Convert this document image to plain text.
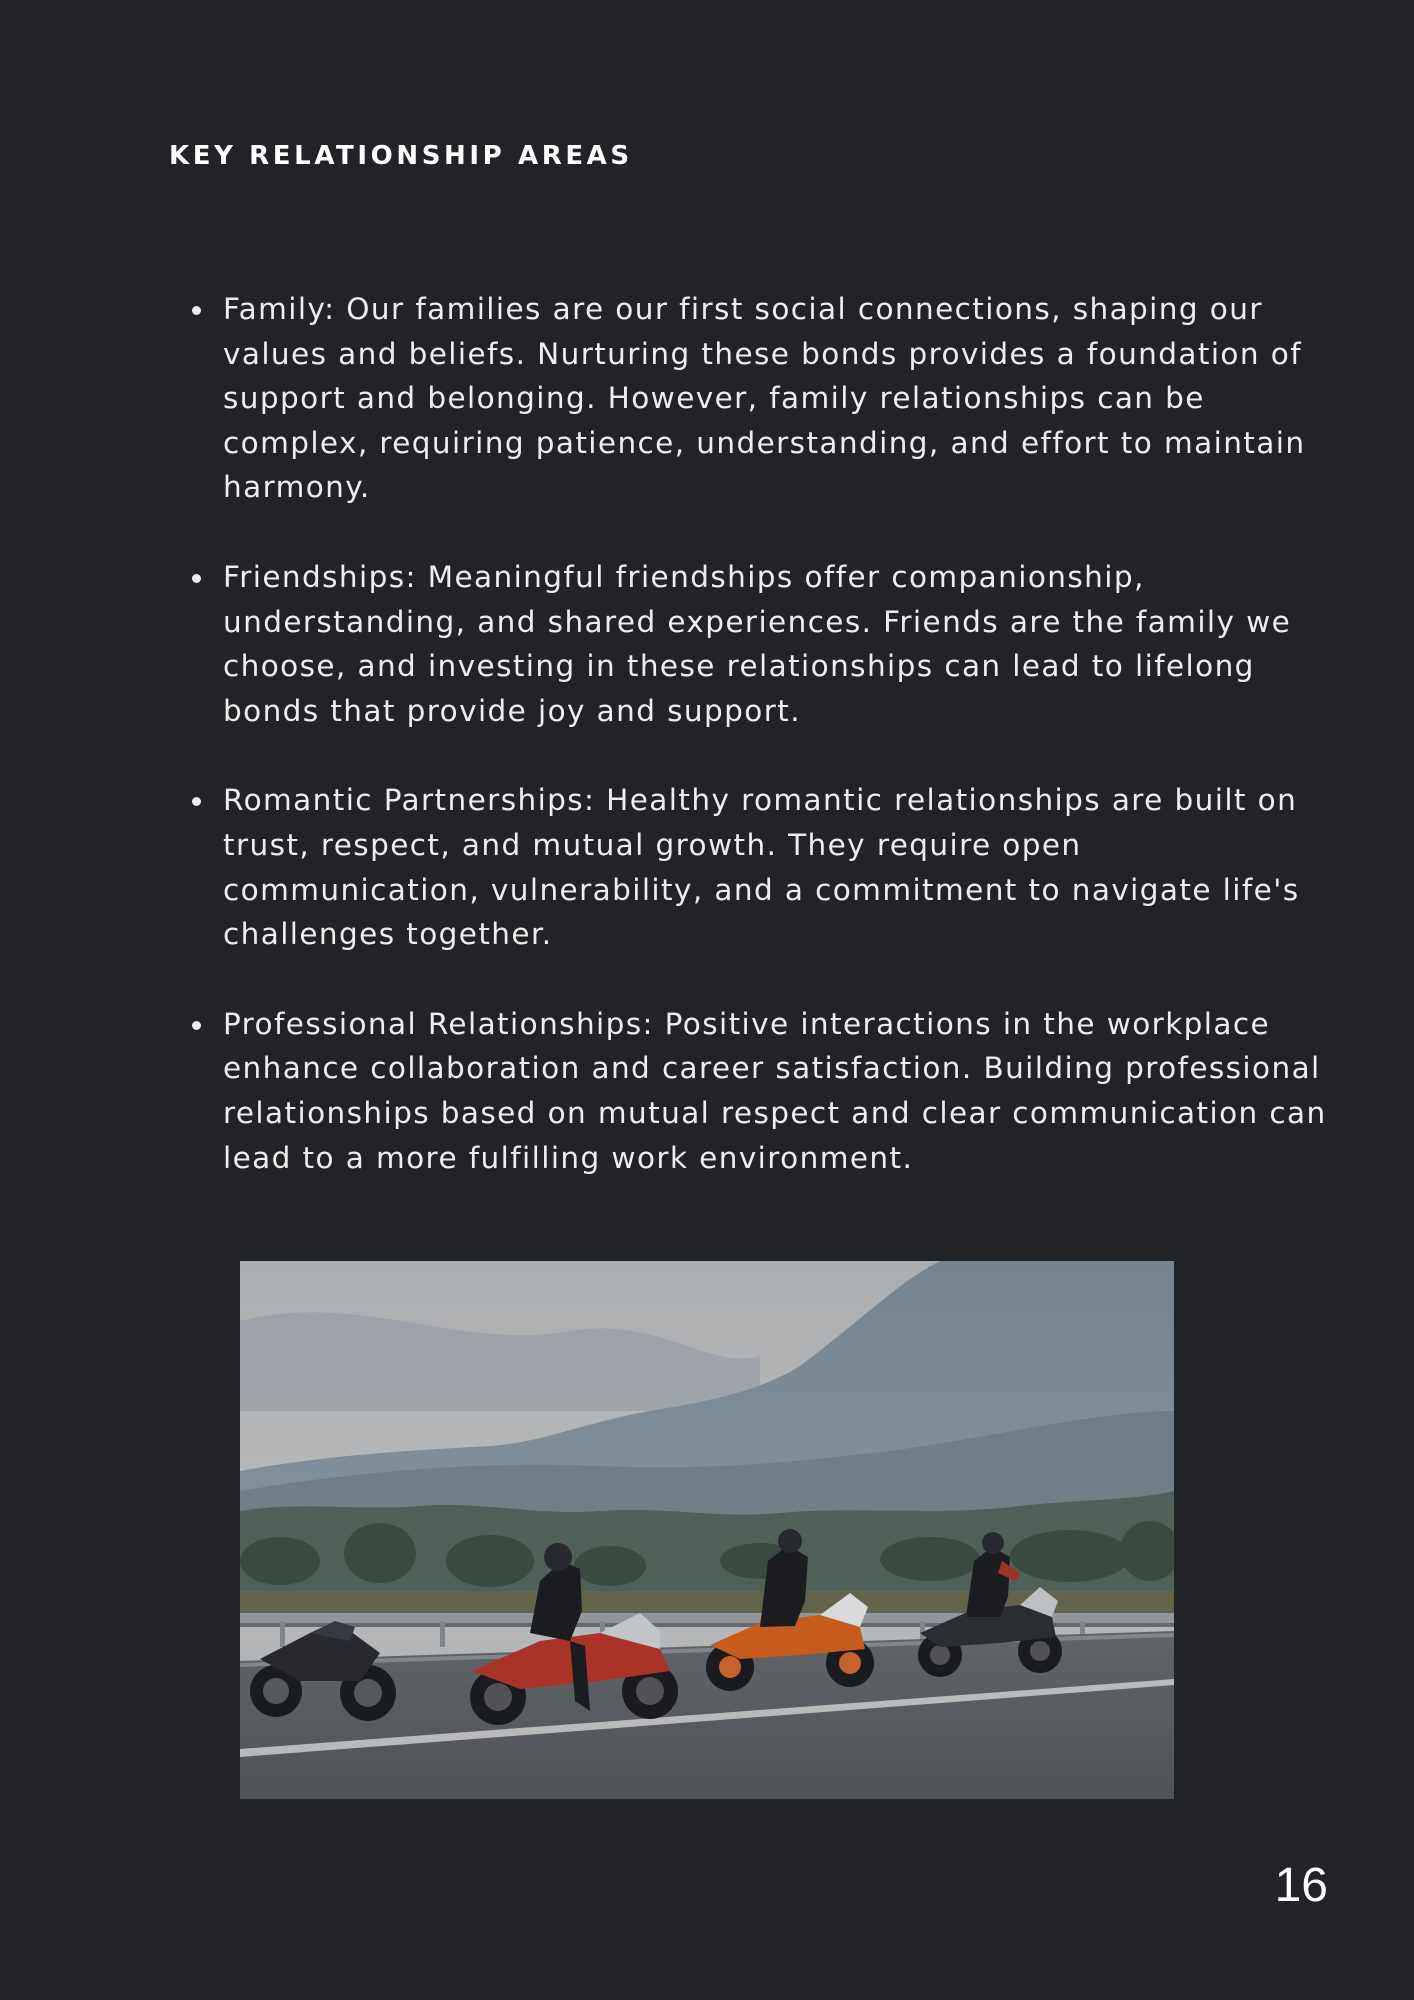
KEY RELATIONSHIP AREAS
Family: Our families are our first social connections, shaping our values and beliefs. Nurturing these bonds provides a foundation of support and belonging. However, family relationships can be complex, requiring patience, understanding, and effort to maintain harmony.
Friendships: Meaningful friendships offer companionship, understanding, and shared experiences. Friends are the family we choose, and investing in these relationships can lead to lifelong bonds that provide joy and support.
Romantic Partnerships: Healthy romantic relationships are built on trust, respect, and mutual growth. They require open communication, vulnerability, and a commitment to navigate life's challenges together.
Professional Relationships: Positive interactions in the workplace enhance collaboration and career satisfaction. Building professional relationships based on mutual respect and clear communication can lead to a more fulfilling work environment.
16
